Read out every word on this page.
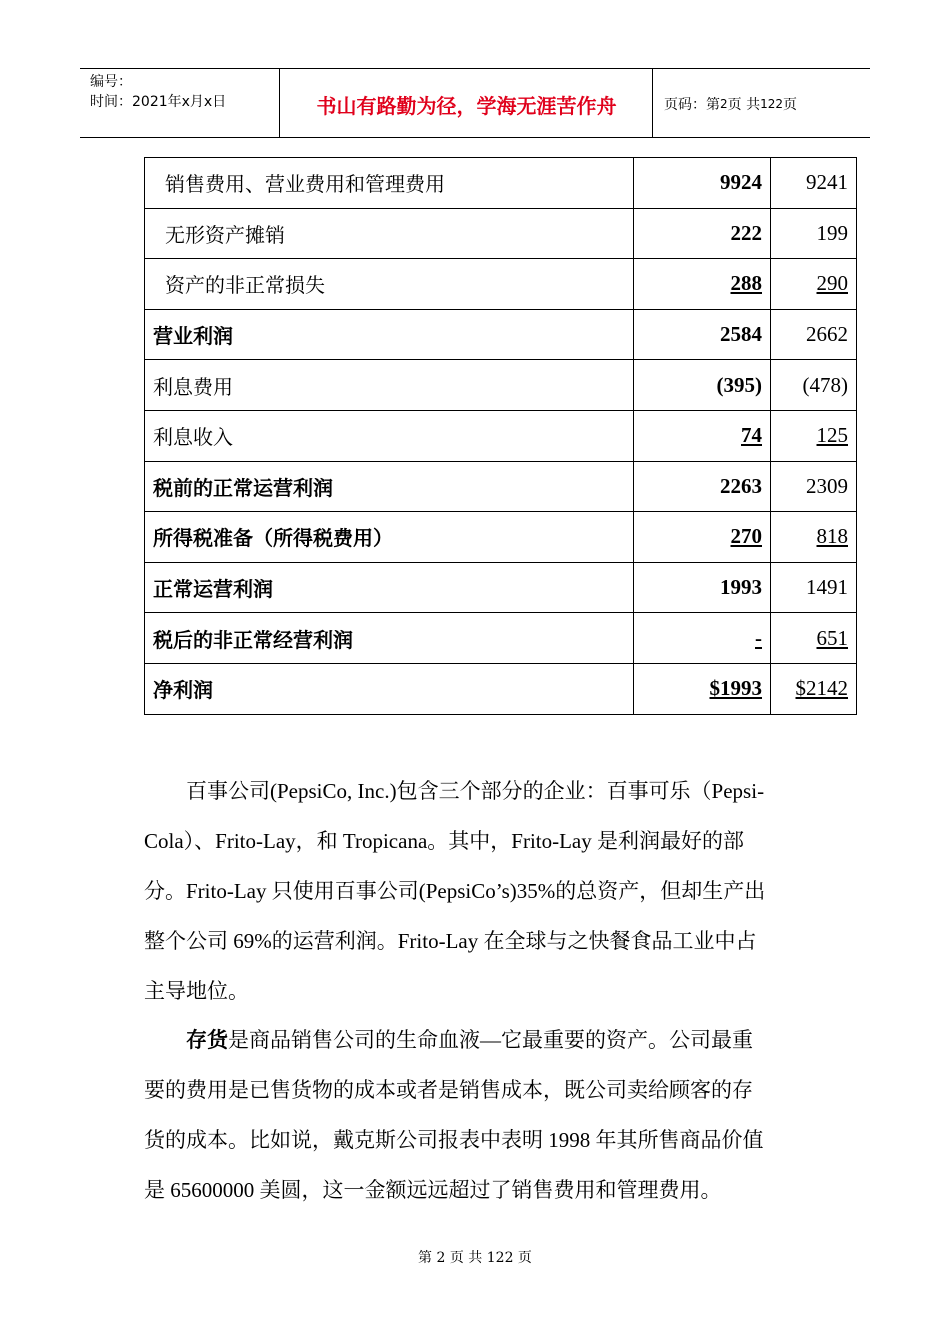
编号：
时间：2021年x月x日	书山有路勤为径，学海无涯苦作舟	页码：第 2 页 共 122 页
销售费用、营业费用和管理费用	9924	9241
无形资产摊销	222	199
资产的非正常损失	288	290
营业利润	2584	2662
利息费用	(395)	(478)
利息收入	74	125
税前的正常运营利润	2263	2309
所得税准备（所得税费用）	270	818
正常运营利润	1993	1491
税后的非正常经营利润	-	651
净利润	$1993	$2142
百事公司(PepsiCo, Inc.)包含三个部分的企业：百事可乐（Pepsi-
Cola）、Frito-Lay，和 Tropicana。其中，Frito-Lay 是利润最好的部
分。Frito-Lay 只使用百事公司(PepsiCo’s)35%的总资产，但却生产出
整个公司 69%的运营利润。Frito-Lay 在全球与之快餐食品工业中占
主导地位。
存货是商品销售公司的生命血液—它最重要的资产。公司最重
要的费用是已售货物的成本或者是销售成本，既公司卖给顾客的存
货的成本。比如说，戴克斯公司报表中表明 1998 年其所售商品价值
是 65600000 美圆，这一金额远远超过了销售费用和管理费用。
第 2 页 共 122 页
